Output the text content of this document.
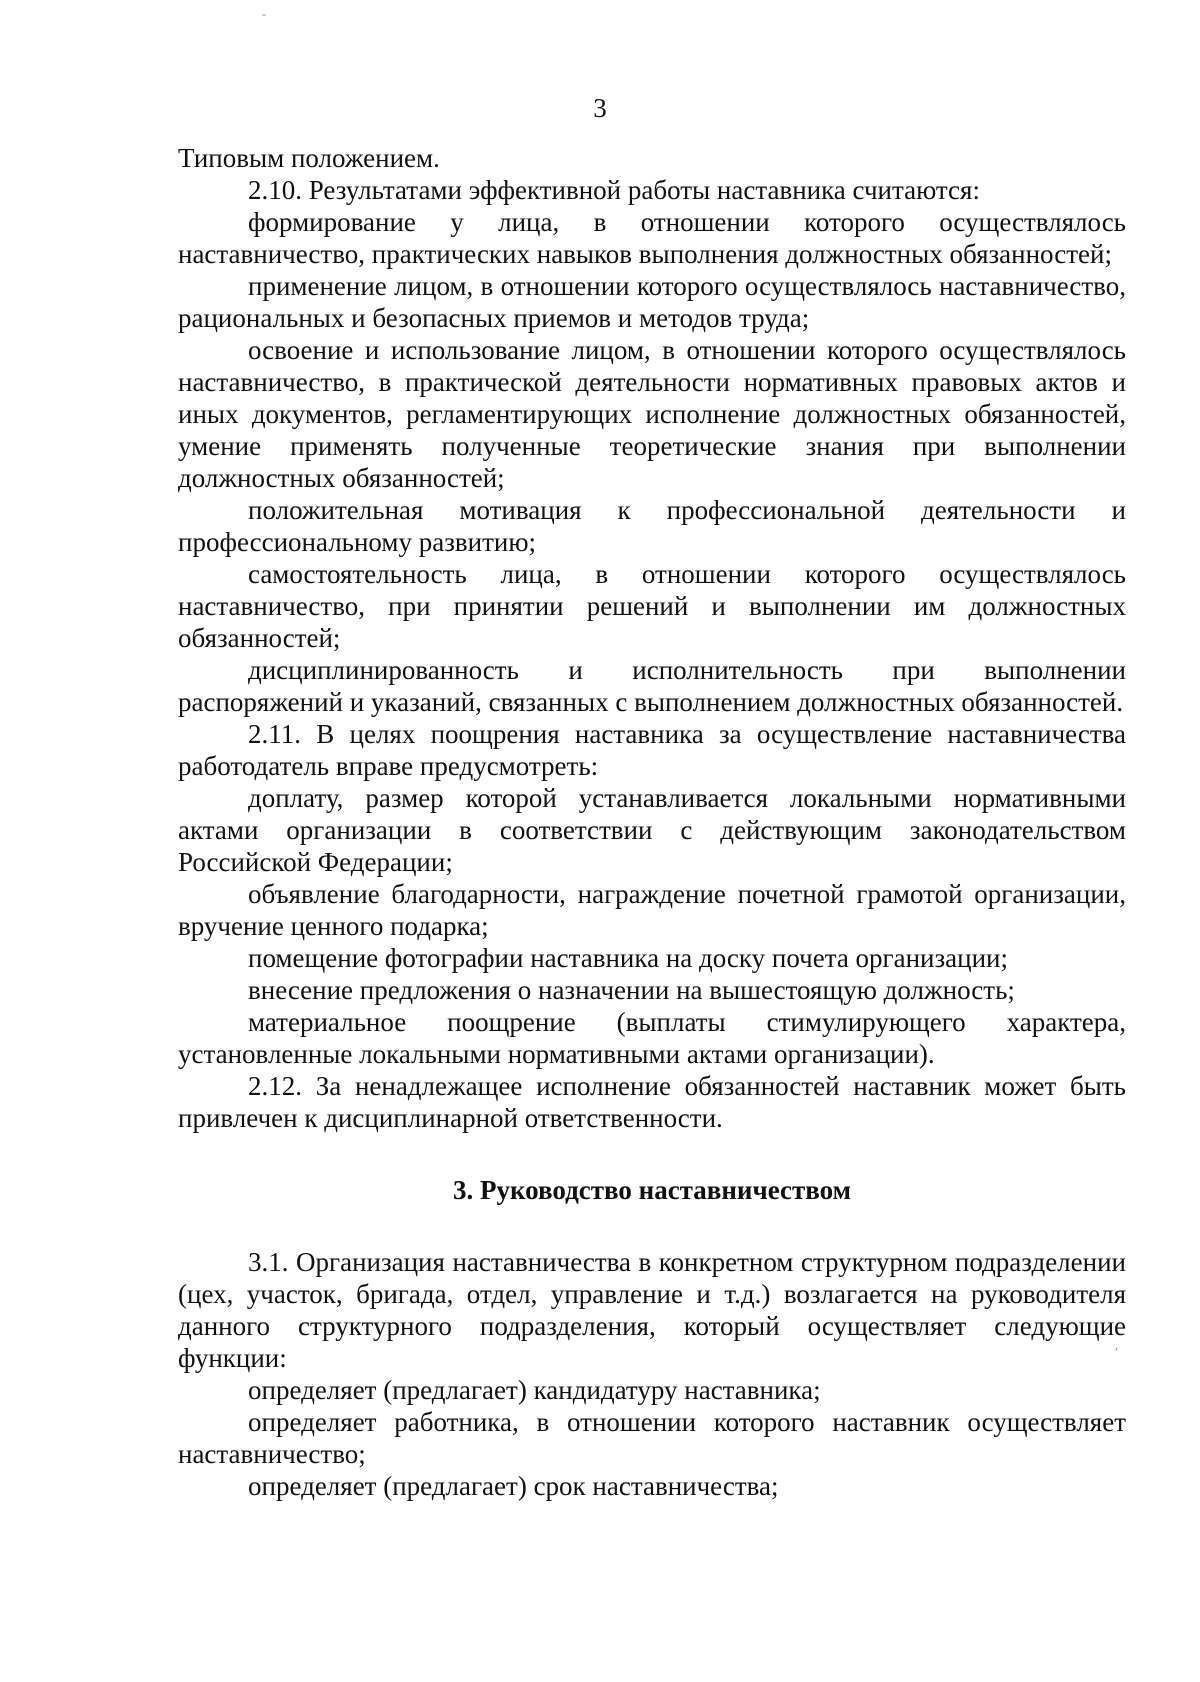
-
3

Типовым положением.

2.10. Результатами эффективной работы наставника считаются:

формирование у лица, в отношении которого осуществлялось наставничество, практических навыков выполнения должностных обязанностей;

применение лицом, в отношении которого осуществлялось наставничество, рациональных и безопасных приемов и методов труда;

освоение и использование лицом, в отношении которого осуществлялось наставничество, в практической деятельности нормативных правовых актов и иных документов, регламентирующих исполнение должностных обязанностей, умение применять полученные теоретические знания при выполнении должностных обязанностей;

положительная мотивация к профессиональной деятельности и профессиональному развитию;

самостоятельность лица, в отношении которого осуществлялось наставничество, при принятии решений и выполнении им должностных обязанностей;

дисциплинированность и исполнительность при выполнении распоряжений и указаний, связанных с выполнением должностных обязанностей.

2.11. В целях поощрения наставника за осуществление наставничества работодатель вправе предусмотреть:

доплату, размер которой устанавливается локальными нормативными актами организации в соответствии с действующим законодательством Российской Федерации;

объявление благодарности, награждение почетной грамотой организации, вручение ценного подарка;

помещение фотографии наставника на доску почета организации;

внесение предложения о назначении на вышестоящую должность;

материальное поощрение (выплаты стимулирующего характера, установленные локальными нормативными актами организации).

2.12. За ненадлежащее исполнение обязанностей наставник может быть привлечен к дисциплинарной ответственности.

3. Руководство наставничеством

3.1. Организация наставничества в конкретном структурном подразделении (цех, участок, бригада, отдел, управление и т.д.) возлагается на руководителя данного структурного подразделения, который осуществляет следующие функции:

определяет (предлагает) кандидатуру наставника;

определяет работника, в отношении которого наставник осуществляет наставничество;

определяет (предлагает) срок наставничества;

,
